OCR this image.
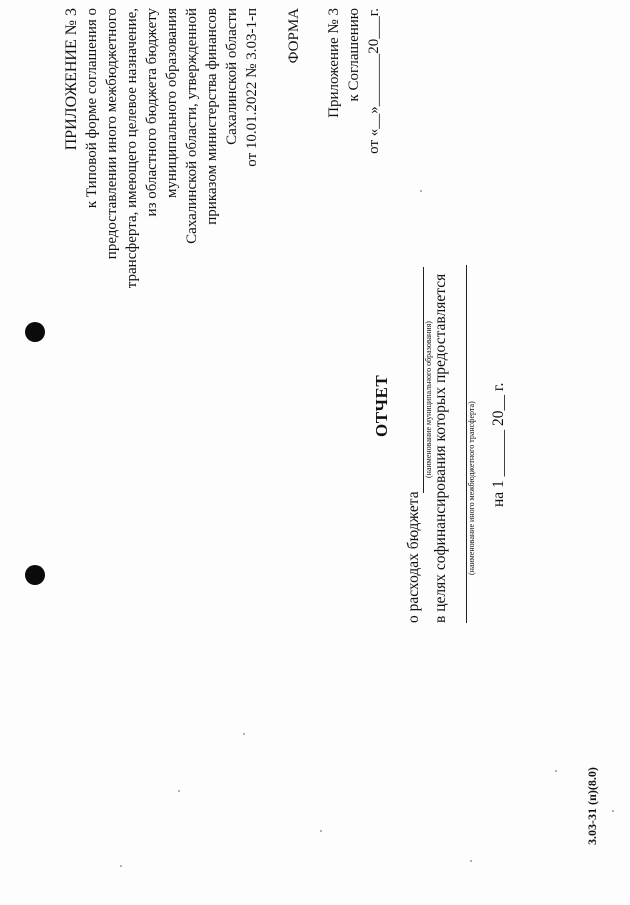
ПРИЛОЖЕНИЕ № 3 к Типовой форме соглашения о предоставлении иного межбюджетного трансферта, имеющего целевое назначение, из областного бюджета бюджету муниципального образования Сахалинской области, утвержденной приказом министерства финансов Сахалинской области от 10.01.2022 № 3.03-1-п ФОРМА Приложение № 3 к Соглашению от «__»_______20___г.
ОТЧЕТ
о расходах бюджета
(наименование муниципального образования) в целях софинансирования которых предоставляется (наименование иного межбюджетного трансферта) на 1 ______ 20__ г.
3.03-31 (п)(8.0)
